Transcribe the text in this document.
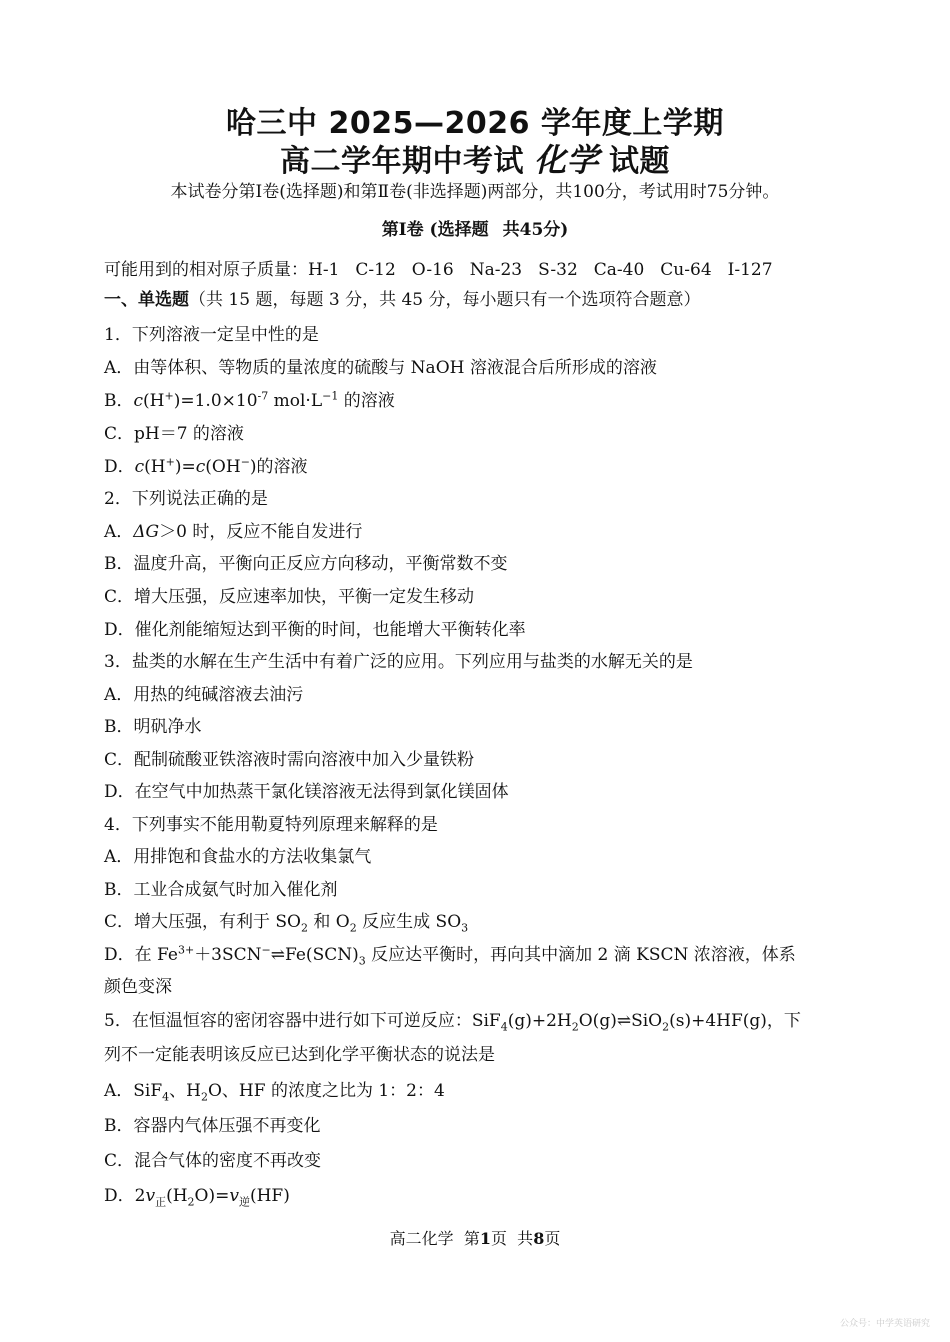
哈三中 2025—2026 学年度上学期
高二学年期中考试 化学 试题
本试卷分第Ⅰ卷(选择题)和第Ⅱ卷(非选择题)两部分，共100分，考试用时75分钟。
第Ⅰ卷 (选择题 共45分)
可能用到的相对原子质量：H-1 C-12 O-16 Na-23 S-32 Ca-40 Cu-64 I-127
一、单选题（共 15 题，每题 3 分，共 45 分，每小题只有一个选项符合题意）
1．下列溶液一定呈中性的是
A．由等体积、等物质的量浓度的硫酸与 NaOH 溶液混合后所形成的溶液
B．$c(H^+)=1.0\times 10^{-7}$ $mol\cdot L^{-1}$ 的溶液
C．pH＝7 的溶液
D．c(H+)=c(OH−)的溶液
2．下列说法正确的是
A．ΔG＞0 时，反应不能自发进行
B．温度升高，平衡向正反应方向移动，平衡常数不变
C．增大压强，反应速率加快，平衡一定发生移动
D．催化剂能缩短达到平衡的时间，也能增大平衡转化率
3．盐类的水解在生产生活中有着广泛的应用。下列应用与盐类的水解无关的是
A．用热的纯碱溶液去油污
B．明矾净水
C．配制硫酸亚铁溶液时需向溶液中加入少量铁粉
D．在空气中加热蒸干氯化镁溶液无法得到氯化镁固体
4．下列事实不能用勒夏特列原理来解释的是
A．用排饱和食盐水的方法收集氯气
B．工业合成氨气时加入催化剂
C．增大压强，有利于 $SO_2$ 和 $O_2$ 反应生成 $SO_3$
D．在 $Fe^{3+}+3SCN^-\rightleftharpoons Fe(SCN)_3$ 反应达平衡时，再向其中滴加 2 滴 KSCN 浓溶液，体系
颜色变深
5．在恒温恒容的密闭容器中进行如下可逆反应：$SiF_4(g)+2H_2O(g)\rightleftharpoons SiO_2(s)+4HF(g)$，下
列不一定能表明该反应已达到化学平衡状态的说法是
A．SiF$_4$、$H_2O$、HF 的浓度之比为 1：2：4
B．容器内气体压强不再变化
C．混合气体的密度不再改变
D．$2v_正(H_2O)=v_逆(HF)$
高二化学 第1页 共8页
公众号：中学英语研究
